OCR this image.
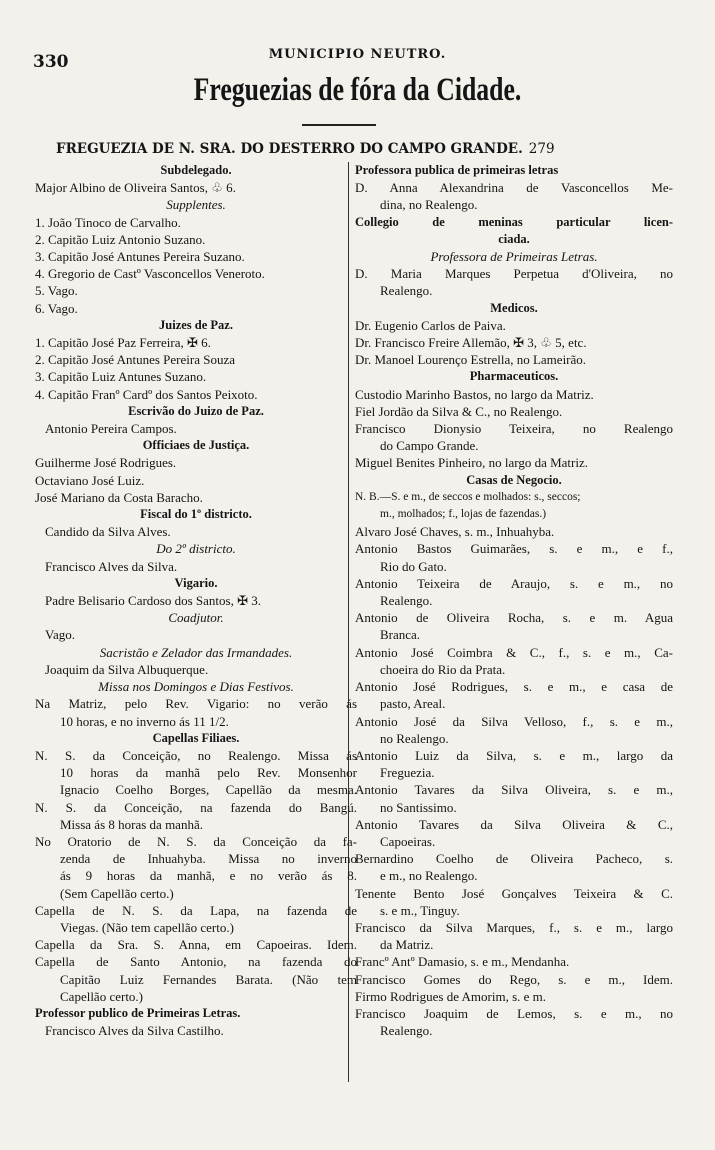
330	MUNICIPIO NEUTRO.
Freguezias de fóra da Cidade.
FREGUEZIA DE N. SRA. DO DESTERRO DO CAMPO GRANDE. 279
Subdelegado.
Major Albino de Oliveira Santos, ♧ 6.
Supplentes.
1. João Tinoco de Carvalho.
2. Capitão Luiz Antonio Suzano.
3. Capitão José Antunes Pereira Suzano.
4. Gregorio de Castº Vasconcellos Veneroto.
5. Vago.
6. Vago.
Juizes de Paz.
1. Capitão José Paz Ferreira, ✠ 6.
2. Capitão José Antunes Pereira Souza
3. Capitão Luiz Antunes Suzano.
4. Capitão Franº Cardº dos Santos Peixoto.
Escrivão do Juizo de Paz.
Antonio Pereira Campos.
Officiaes de Justiça.
Guilherme José Rodrigues.
Octaviano José Luiz.
José Mariano da Costa Baracho.
Fiscal do 1º districto.
Candido da Silva Alves.
Do 2º districto.
Francisco Alves da Silva.
Vigario.
Padre Belisario Cardoso dos Santos, ✠ 3.
Coadjutor.
Vago.
Sacristão e Zelador das Irmandades.
Joaquim da Silva Albuquerque.
Missa nos Domingos e Dias Festivos.
Na Matriz, pelo Rev. Vigario: no verão ás
10 horas, e no inverno ás 11 1/2.
Capellas Filiaes.
N. S. da Conceição, no Realengo. Missa ás
10 horas da manhã pelo Rev. Monsenhor
Ignacio Coelho Borges, Capellão da mesma.
N. S. da Conceição, na fazenda do Bangú.
Missa ás 8 horas da manhã.
No Oratorio de N. S. da Conceição da fa-
zenda de Inhuahyba. Missa no inverno
ás 9 horas da manhã, e no verão ás 8.
(Sem Capellão certo.)
Capella de N. S. da Lapa, na fazenda de
Viegas. (Não tem capellão certo.)
Capella da Sra. S. Anna, em Capoeiras. Idem.
Capella de Santo Antonio, na fazenda do
Capitão Luiz Fernandes Barata. (Não tem
Capellão certo.)
Professor publico de Primeiras Letras.
Francisco Alves da Silva Castilho.
Professora publica de primeiras letras
D. Anna Alexandrina de Vasconcellos Me-
dina, no Realengo.
Collegio de meninas particular licen-
ciada.
Professora de Primeiras Letras.
D. Maria Marques Perpetua d'Oliveira, no
Realengo.
Medicos.
Dr. Eugenio Carlos de Paiva.
Dr. Francisco Freire Allemão, ✠ 3, ♧ 5, etc.
Dr. Manoel Lourenço Estrella, no Lameirão.
Pharmaceuticos.
Custodio Marinho Bastos, no largo da Matriz.
Fiel Jordão da Silva & C., no Realengo.
Francisco Dionysio Teixeira, no Realengo
do Campo Grande.
Miguel Benites Pinheiro, no largo da Matriz.
Casas de Negocio.
N. B.—S. e m., de seccos e molhados: s., seccos;
m., molhados; f., lojas de fazendas.)
Alvaro José Chaves, s. m., Inhuahyba.
Antonio Bastos Guimarães, s. e m., e f.,
Rio do Gato.
Antonio Teixeira de Araujo, s. e m., no
Realengo.
Antonio de Oliveira Rocha, s. e m. Agua
Branca.
Antonio José Coimbra & C., f., s. e m., Ca-
choeira do Rio da Prata.
Antonio José Rodrigues, s. e m., e casa de
pasto, Areal.
Antonio José da Silva Velloso, f., s. e m.,
no Realengo.
Antonio Luiz da Silva, s. e m., largo da
Freguezia.
Antonio Tavares da Silva Oliveira, s. e m.,
no Santissimo.
Antonio Tavares da Silva Oliveira & C.,
Capoeiras.
Bernardino Coelho de Oliveira Pacheco, s.
e m., no Realengo.
Tenente Bento José Gonçalves Teixeira & C.
s. e m., Tinguy.
Francisco da Silva Marques, f., s. e m., largo
da Matriz.
Francº Antº Damasio, s. e m., Mendanha.
Francisco Gomes do Rego, s. e m., Idem.
Firmo Rodrigues de Amorim, s. e m.
Francisco Joaquim de Lemos, s. e m., no
Realengo.
